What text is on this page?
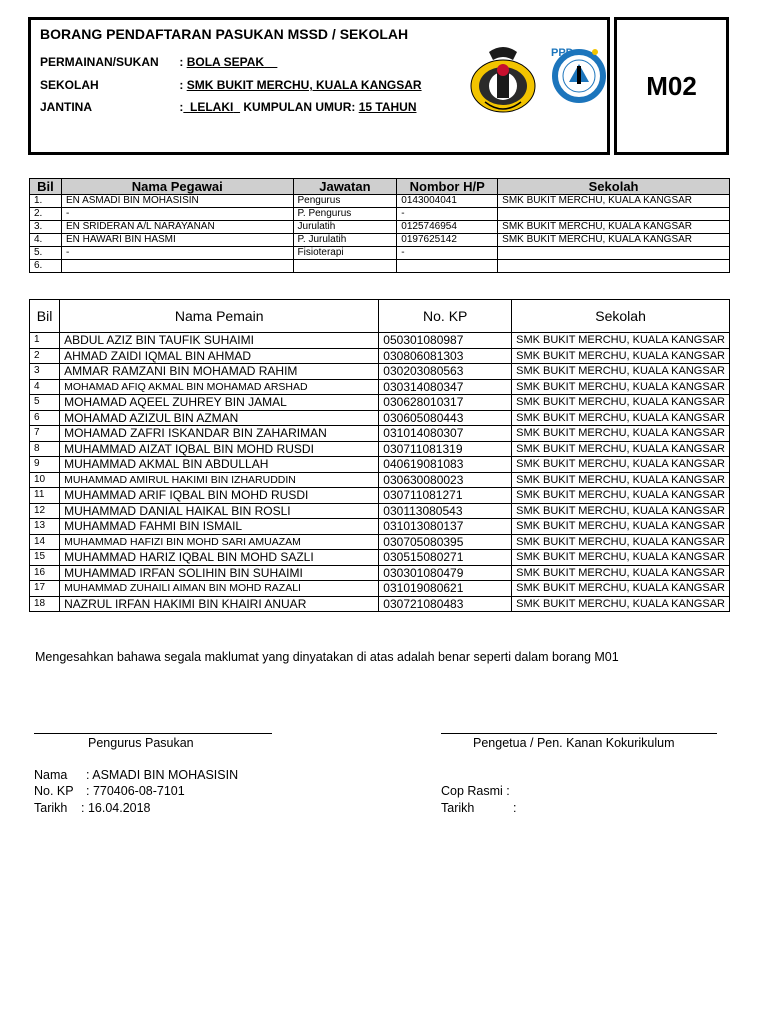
BORANG PENDAFTARAN PASUKAN MSSD / SEKOLAH
PERMAINAN/SUKAN : BOLA SEPAK
SEKOLAH	: SMK BUKIT MERCHU, KUALA KANGSAR
JANTINA	: LELAKI KUMPULAN UMUR: 15 TAHUN
PPD
M02
Bil	Nama Pegawai	Jawatan	Nombor H/P	Sekolah
1.	EN ASMADI BIN MOHASISIN	Pengurus	0143004041	SMK BUKIT MERCHU, KUALA KANGSAR
2.	-	P. Pengurus	-	
3.	EN SRIDERAN A/L NARAYANAN	Jurulatih	0125746954	SMK BUKIT MERCHU, KUALA KANGSAR
4.	EN HAWARI BIN HASMI	P. Jurulatih	0197625142	SMK BUKIT MERCHU, KUALA KANGSAR
5.	-	Fisioterapi	-	
6.				
Bil	Nama Pemain	No. KP	Sekolah
1	ABDUL AZIZ BIN TAUFIK SUHAIMI	050301080987	SMK BUKIT MERCHU, KUALA KANGSAR
2	AHMAD ZAIDI IQMAL BIN AHMAD	030806081303	SMK BUKIT MERCHU, KUALA KANGSAR
3	AMMAR RAMZANI BIN MOHAMAD RAHIM	030203080563	SMK BUKIT MERCHU, KUALA KANGSAR
4	MOHAMAD AFIQ AKMAL BIN MOHAMAD ARSHAD	030314080347	SMK BUKIT MERCHU, KUALA KANGSAR
5	MOHAMAD AQEEL ZUHREY BIN JAMAL	030628010317	SMK BUKIT MERCHU, KUALA KANGSAR
6	MOHAMAD AZIZUL BIN AZMAN	030605080443	SMK BUKIT MERCHU, KUALA KANGSAR
7	MOHAMAD ZAFRI ISKANDAR BIN ZAHARIMAN	031014080307	SMK BUKIT MERCHU, KUALA KANGSAR
8	MUHAMMAD AIZAT IQBAL BIN MOHD RUSDI	030711081319	SMK BUKIT MERCHU, KUALA KANGSAR
9	MUHAMMAD AKMAL BIN ABDULLAH	040619081083	SMK BUKIT MERCHU, KUALA KANGSAR
10	MUHAMMAD AMIRUL HAKIMI BIN IZHARUDDIN	030630080023	SMK BUKIT MERCHU, KUALA KANGSAR
11	MUHAMMAD ARIF IQBAL BIN MOHD RUSDI	030711081271	SMK BUKIT MERCHU, KUALA KANGSAR
12	MUHAMMAD DANIAL HAIKAL BIN ROSLI	030113080543	SMK BUKIT MERCHU, KUALA KANGSAR
13	MUHAMMAD FAHMI BIN ISMAIL	031013080137	SMK BUKIT MERCHU, KUALA KANGSAR
14	MUHAMMAD HAFIZI BIN MOHD SARI AMUAZAM	030705080395	SMK BUKIT MERCHU, KUALA KANGSAR
15	MUHAMMAD HARIZ IQBAL BIN MOHD SAZLI	030515080271	SMK BUKIT MERCHU, KUALA KANGSAR
16	MUHAMMAD IRFAN SOLIHIN BIN SUHAIMI	030301080479	SMK BUKIT MERCHU, KUALA KANGSAR
17	MUHAMMAD ZUHAILI AIMAN BIN MOHD RAZALI	031019080621	SMK BUKIT MERCHU, KUALA KANGSAR
18	NAZRUL IRFAN HAKIMI BIN KHAIRI ANUAR	030721080483	SMK BUKIT MERCHU, KUALA KANGSAR
Mengesahkan bahawa segala maklumat yang dinyatakan di atas adalah benar seperti dalam borang M01
Pengurus Pasukan	Pengetua / Pen. Kanan Kokurikulum
Nama : ASMADI BIN MOHASISIN
No. KP : 770406-08-7101
Tarikh : 16.04.2018
Cop Rasmi :
Tarikh	:
